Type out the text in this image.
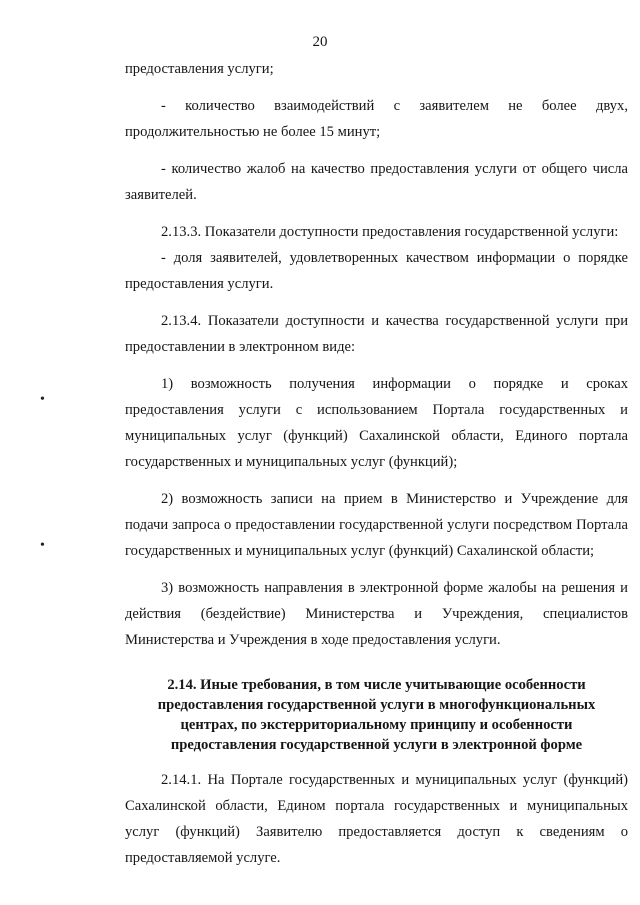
20
•
•

предоставления услуги;

- количество взаимодействий с заявителем не более двух, продолжительностью не более 15 минут;

- количество жалоб на качество предоставления услуги от общего числа заявителей.

2.13.3. Показатели доступности предоставления государственной услуги:

- доля заявителей, удовлетворенных качеством информации о порядке предоставления услуги.

2.13.4. Показатели доступности и качества государственной услуги при предоставлении в электронном виде:

1) возможность получения информации о порядке и сроках предоставления услуги с использованием Портала государственных и муниципальных услуг (функций) Сахалинской области, Единого портала государственных и муниципальных услуг (функций);

2) возможность записи на прием в Министерство и Учреждение для подачи запроса о предоставлении государственной услуги посредством Портала государственных и муниципальных услуг (функций) Сахалинской области;

3) возможность направления в электронной форме жалобы на решения и действия (бездействие) Министерства и Учреждения, специалистов Министерства и Учреждения в ходе предоставления услуги.

2.14. Иные требования, в том числе учитывающие особенности
предоставления государственной услуги в многофункциональных
центрах, по экстерриториальному принципу и особенности
предоставления государственной услуги в электронной форме

2.14.1. На Портале государственных и муниципальных услуг (функций) Сахалинской области, Едином портала государственных и муниципальных услуг (функций) Заявителю предоставляется доступ к сведениям о предоставляемой услуге.
